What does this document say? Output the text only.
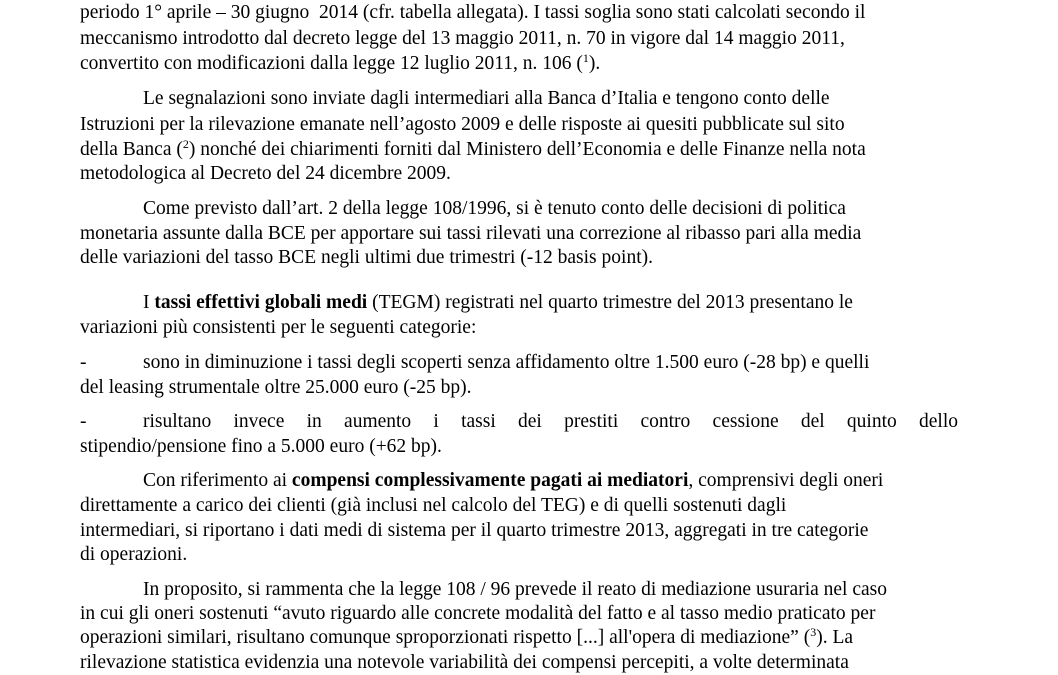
periodo 1° aprile – 30 giugno  2014 (cfr. tabella allegata). I tassi soglia sono stati calcolati secondo il
meccanismo introdotto dal decreto legge del 13 maggio 2011, n. 70 in vigore dal 14 maggio 2011,
convertito con modificazioni dalla legge 12 luglio 2011, n. 106 ($^1$).
Le segnalazioni sono inviate dagli intermediari alla Banca d’Italia e tengono conto delle
Istruzioni per la rilevazione emanate nell’agosto 2009 e delle risposte ai quesiti pubblicate sul sito
della Banca ($^2$) nonché dei chiarimenti forniti dal Ministero dell’Economia e delle Finanze nella nota
metodologica al Decreto del 24 dicembre 2009.
Come previsto dall’art. 2 della legge 108/1996, si è tenuto conto delle decisioni di politica
monetaria assunte dalla BCE per apportare sui tassi rilevati una correzione al ribasso pari alla media
delle variazioni del tasso BCE negli ultimi due trimestri (-12 basis point).
I tassi effettivi globali medi (TEGM) registrati nel quarto trimestre del 2013 presentano le
variazioni più consistenti per le seguenti categorie:
-	sono in diminuzione i tassi degli scoperti senza affidamento oltre 1.500 euro (-28 bp) e quelli
del leasing strumentale oltre 25.000 euro (-25 bp).
-	risultano invece in aumento i tassi dei prestiti contro cessione del quinto dello
stipendio/pensione fino a 5.000 euro (+62 bp).
Con riferimento ai compensi complessivamente pagati ai mediatori, comprensivi degli oneri
direttamente a carico dei clienti (già inclusi nel calcolo del TEG) e di quelli sostenuti dagli
intermediari, si riportano i dati medi di sistema per il quarto trimestre 2013, aggregati in tre categorie
di operazioni.
In proposito, si rammenta che la legge 108 / 96 prevede il reato di mediazione usuraria nel caso
in cui gli oneri sostenuti “avuto riguardo alle concrete modalità del fatto e al tasso medio praticato per
operazioni similari, risultano comunque sproporzionati rispetto [...] all'opera di mediazione” ($^3$). La
rilevazione statistica evidenzia una notevole variabilità dei compensi percepiti, a volte determinata
